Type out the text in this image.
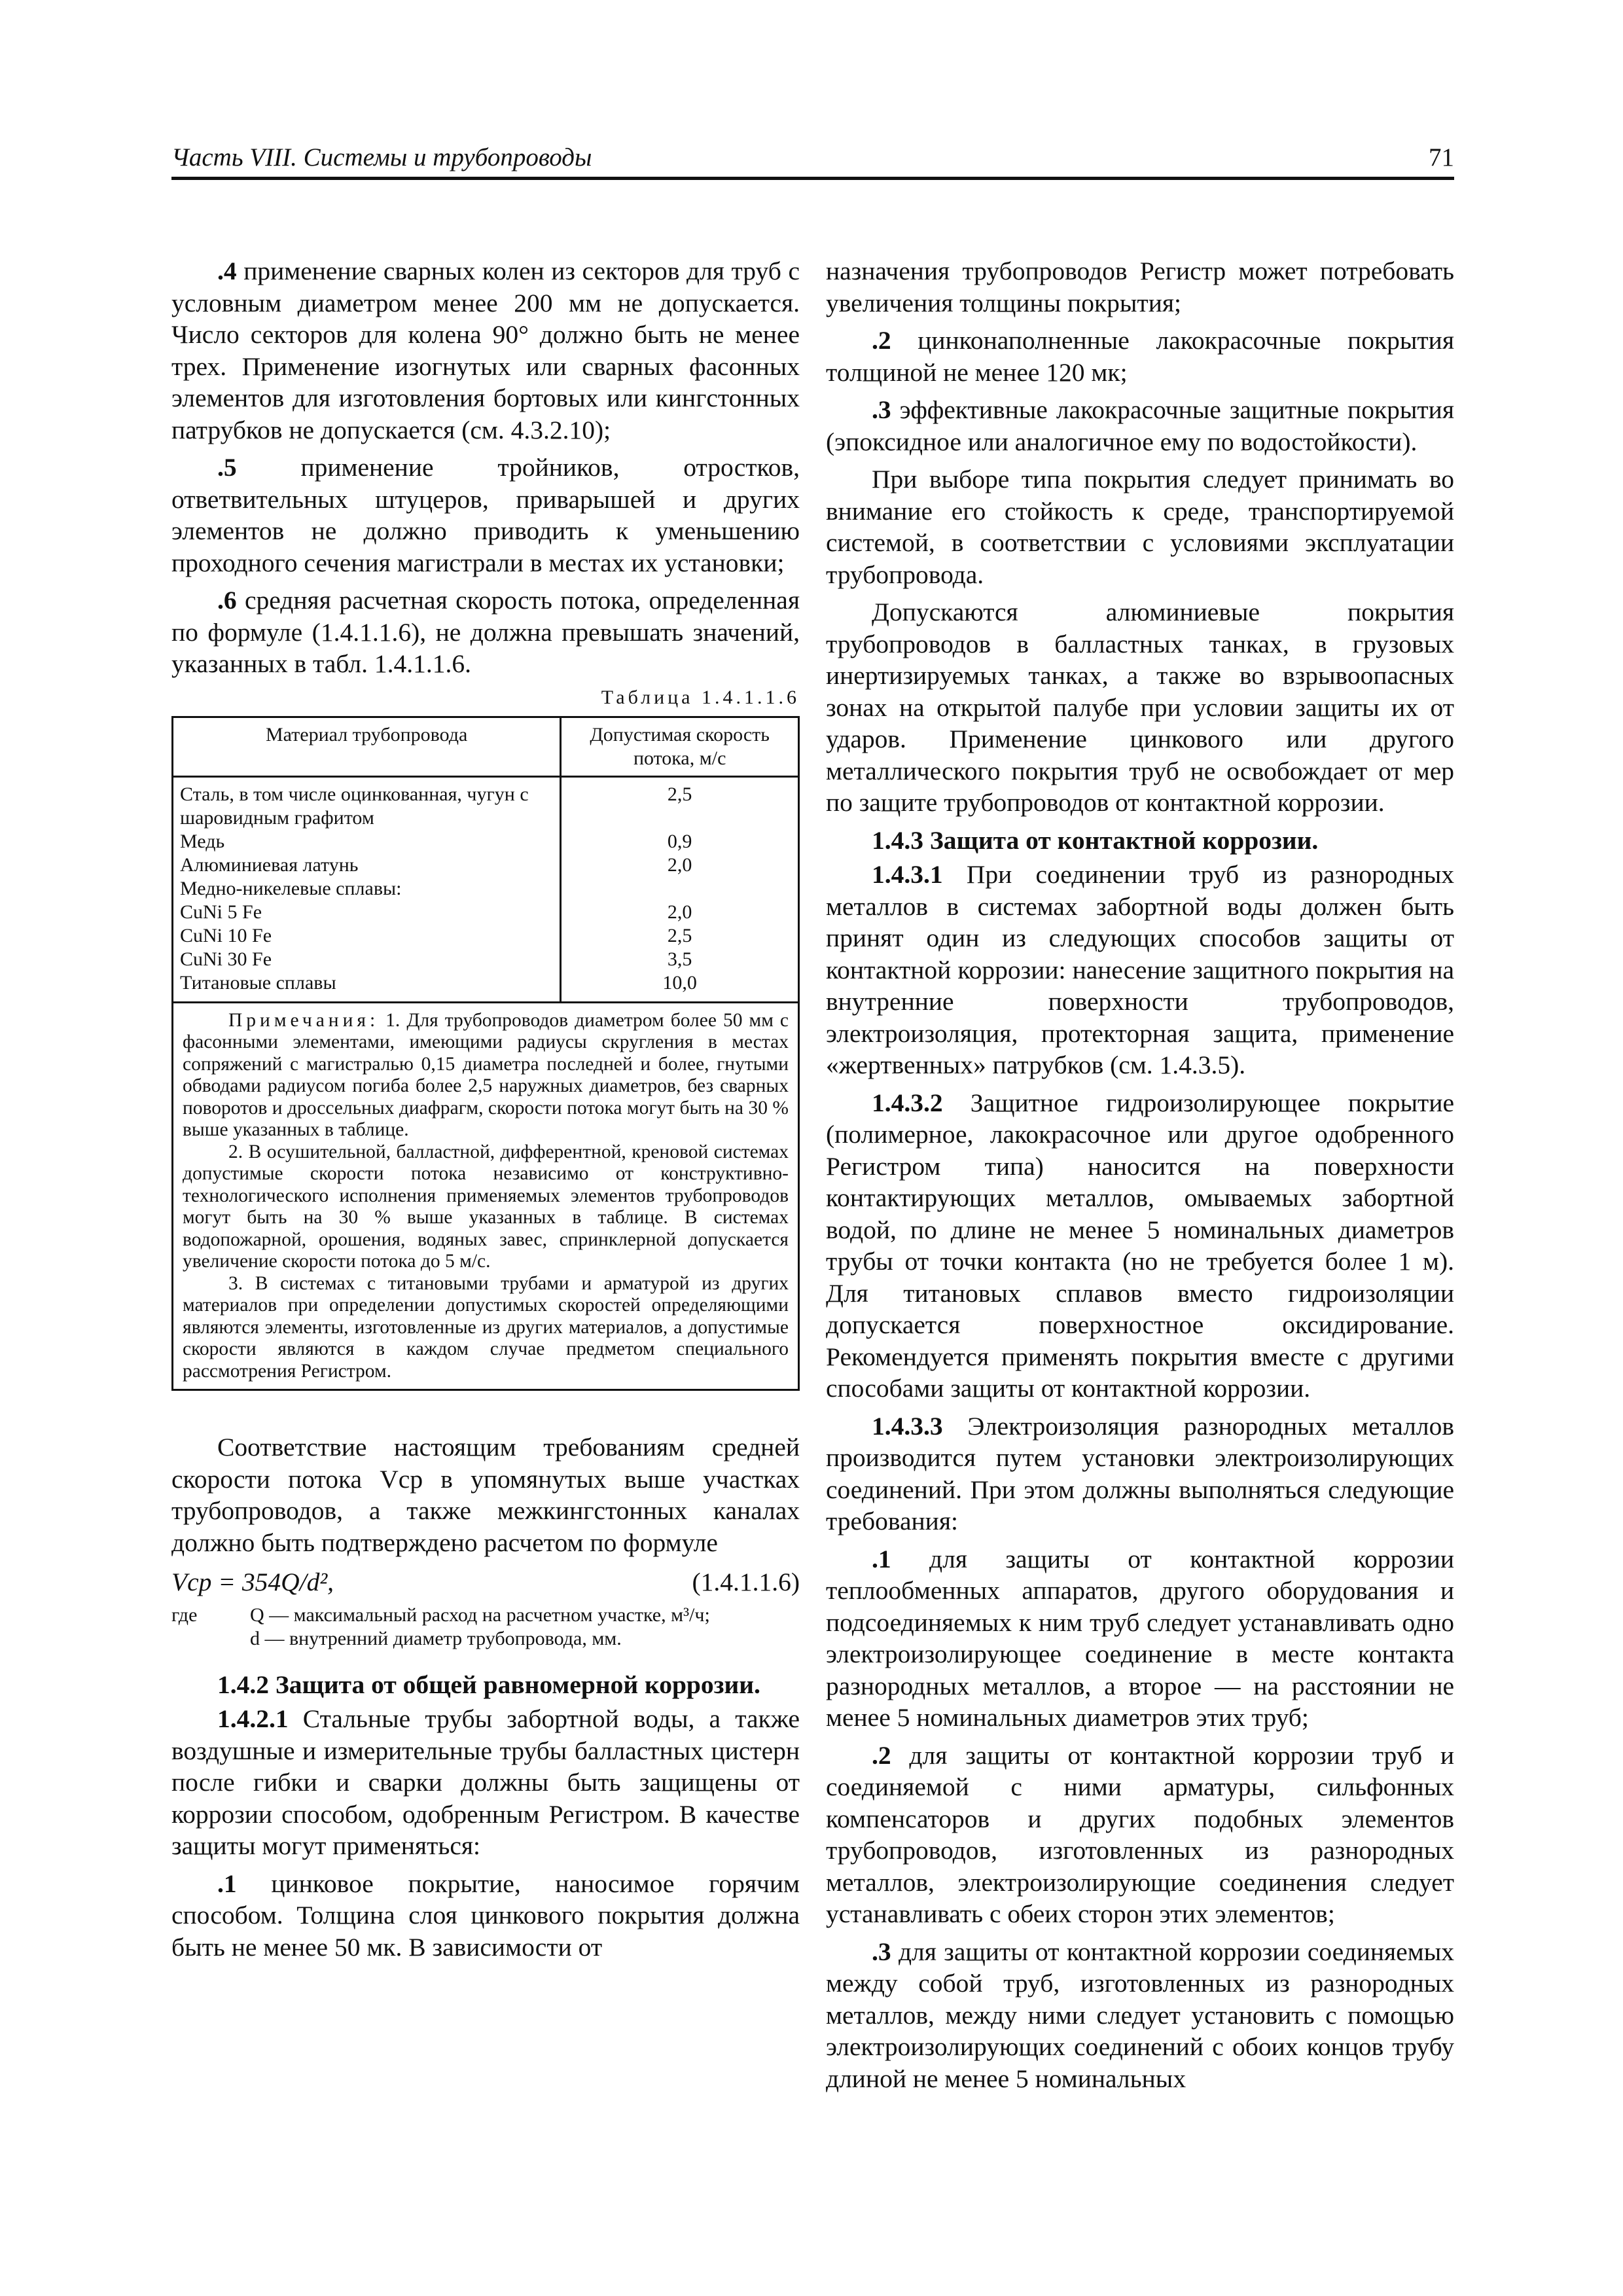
Часть VIII. Системы и трубопроводы	71

.4 применение сварных колен из секторов для труб с условным диаметром менее 200 мм не допускается. Число секторов для колена 90° должно быть не менее трех. Применение изогнутых или сварных фасонных элементов для изготовления бортовых или кингстонных патрубков не допускается (см. 4.3.2.10);

.5 применение тройников, отростков, ответвительных штуцеров, приварышей и других элементов не должно приводить к уменьшению проходного сечения магистрали в местах их установки;

.6 средняя расчетная скорость потока, определенная по формуле (1.4.1.1.6), не должна превышать значений, указанных в табл. 1.4.1.1.6.

Таблица 1.4.1.1.6
Материал трубопровода	Допустимая скорость потока, м/с
Сталь, в том числе оцинкованная, чугун с шаровидным графитом	2,5
Медь	0,9
Алюминиевая латунь	2,0
Медно-никелевые сплавы:	
CuNi 5 Fe	2,0
CuNi 10 Fe	2,5
CuNi 30 Fe	3,5
Титановые сплавы	10,0

Примечания: 1. Для трубопроводов диаметром более 50 мм с фасонными элементами, имеющими радиусы скругления в местах сопряжений с магистралью 0,15 диаметра последней и более, гнутыми обводами радиусом погиба более 2,5 наружных диаметров, без сварных поворотов и дроссельных диафрагм, скорости потока могут быть на 30 % выше указанных в таблице.

2. В осушительной, балластной, дифферентной, креновой системах допустимые скорости потока независимо от конструктивно-технологического исполнения применяемых элементов трубопроводов могут быть на 30 % выше указанных в таблице. В системах водопожарной, орошения, водяных завес, спринклерной допускается увеличение скорости потока до 5 м/с.

3. В системах с титановыми трубами и арматурой из других материалов при определении допустимых скоростей определяющими являются элементы, изготовленные из других материалов, а допустимые скорости являются в каждом случае предметом специального рассмотрения Регистром.	

Соответствие настоящим требованиям средней скорости потока Vср в упомянутых выше участках трубопроводов, а также межкингстонных каналах должно быть подтверждено расчетом по формуле

Vср = 354Q/d²,	(1.4.1.1.6)
где	Q — максимальный расход на расчетном участке, м³/ч;
d — внутренний диаметр трубопровода, мм.
1.4.2 Защита от общей равномерной коррозии.

1.4.2.1 Стальные трубы забортной воды, а также воздушные и измерительные трубы балластных цистерн после гибки и сварки должны быть защищены от коррозии способом, одобренным Регистром. В качестве защиты могут применяться:

.1 цинковое покрытие, наносимое горячим способом. Толщина слоя цинкового покрытия должна быть не менее 50 мк. В зависимости от

назначения трубопроводов Регистр может потребовать увеличения толщины покрытия;

.2 цинконаполненные лакокрасочные покрытия толщиной не менее 120 мк;

.3 эффективные лакокрасочные защитные покрытия (эпоксидное или аналогичное ему по водостойкости).

При выборе типа покрытия следует принимать во внимание его стойкость к среде, транспортируемой системой, в соответствии с условиями эксплуатации трубопровода.

Допускаются алюминиевые покрытия трубопроводов в балластных танках, в грузовых инертизируемых танках, а также во взрывоопасных зонах на открытой палубе при условии защиты их от ударов. Применение цинкового или другого металлического покрытия труб не освобождает от мер по защите трубопроводов от контактной коррозии.

1.4.3 Защита от контактной коррозии.

1.4.3.1 При соединении труб из разнородных металлов в системах забортной воды должен быть принят один из следующих способов защиты от контактной коррозии: нанесение защитного покрытия на внутренние поверхности трубопроводов, электроизоляция, протекторная защита, применение «жертвенных» патрубков (см. 1.4.3.5).

1.4.3.2 Защитное гидроизолирующее покрытие (полимерное, лакокрасочное или другое одобренного Регистром типа) наносится на поверхности контактирующих металлов, омываемых забортной водой, по длине не менее 5 номинальных диаметров трубы от точки контакта (но не требуется более 1 м). Для титановых сплавов вместо гидроизоляции допускается поверхностное оксидирование. Рекомендуется применять покрытия вместе с другими способами защиты от контактной коррозии.

1.4.3.3 Электроизоляция разнородных металлов производится путем установки электроизолирующих соединений. При этом должны выполняться следующие требования:

.1 для защиты от контактной коррозии теплообменных аппаратов, другого оборудования и подсоединяемых к ним труб следует устанавливать одно электроизолирующее соединение в месте контакта разнородных металлов, а второе — на расстоянии не менее 5 номинальных диаметров этих труб;

.2 для защиты от контактной коррозии труб и соединяемой с ними арматуры, сильфонных компенсаторов и других подобных элементов трубопроводов, изготовленных из разнородных металлов, электроизолирующие соединения следует устанавливать с обеих сторон этих элементов;

.3 для защиты от контактной коррозии соединяемых между собой труб, изготовленных из разнородных металлов, между ними следует установить с помощью электроизолирующих соединений с обоих концов трубу длиной не менее 5 номинальных
